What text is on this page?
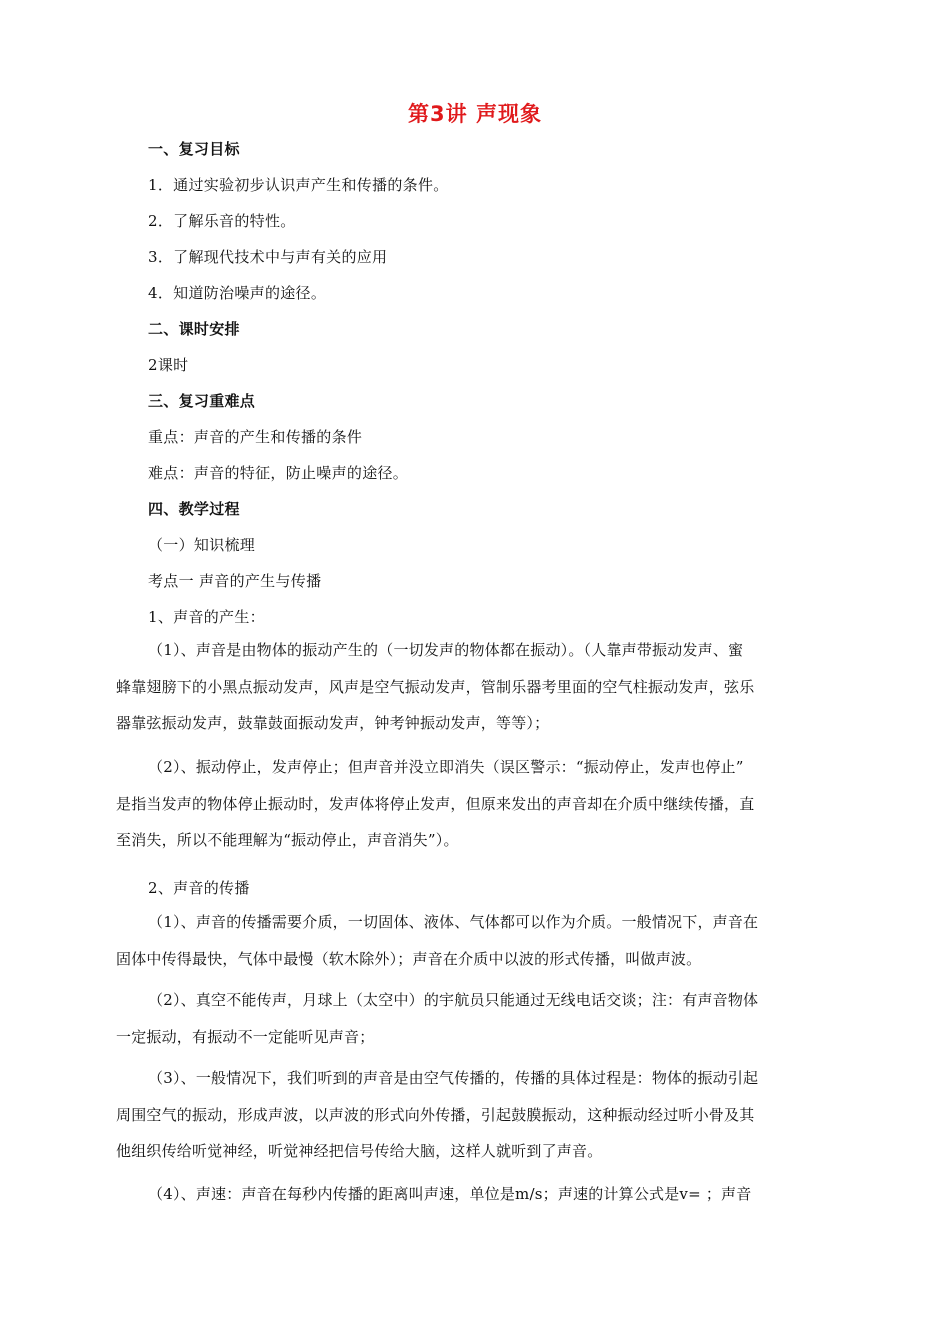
第3讲 声现象
一、复习目标
1．通过实验初步认识声产生和传播的条件。
2．了解乐音的特性。
3．了解现代技术中与声有关的应用
4．知道防治噪声的途径。
二、课时安排
2课时
三、复习重难点
重点：声音的产生和传播的条件
难点：声音的特征，防止噪声的途径。
四、教学过程
（一）知识梳理
考点一 声音的产生与传播
1、声音的产生：
（1）、声音是由物体的振动产生的（一切发声的物体都在振动）。（人靠声带振动发声、蜜
蜂靠翅膀下的小黑点振动发声，风声是空气振动发声，管制乐器考里面的空气柱振动发声，弦乐
器靠弦振动发声，鼓靠鼓面振动发声，钟考钟振动发声，等等）；
（2）、振动停止，发声停止；但声音并没立即消失（误区警示：“振动停止，发声也停止”
是指当发声的物体停止振动时，发声体将停止发声，但原来发出的声音却在介质中继续传播，直
至消失，所以不能理解为“振动停止，声音消失”）。
2、声音的传播
（1）、声音的传播需要介质，一切固体、液体、气体都可以作为介质。一般情况下，声音在
固体中传得最快，气体中最慢（软木除外）；声音在介质中以波的形式传播，叫做声波。
（2）、真空不能传声，月球上（太空中）的宇航员只能通过无线电话交谈；注：有声音物体
一定振动，有振动不一定能听见声音；
（3）、一般情况下，我们听到的声音是由空气传播的，传播的具体过程是：物体的振动引起
周围空气的振动，形成声波，以声波的形式向外传播，引起鼓膜振动，这种振动经过听小骨及其
他组织传给听觉神经，听觉神经把信号传给大脑，这样人就听到了声音。
（4）、声速：声音在每秒内传播的距离叫声速，单位是m/s；声速的计算公式是v= ；声音
